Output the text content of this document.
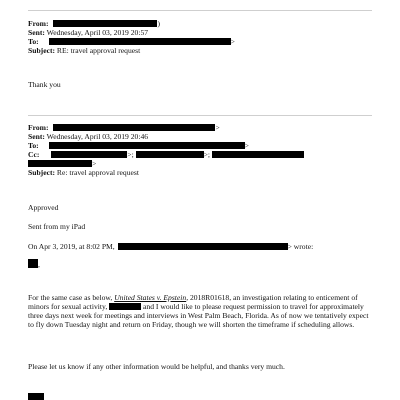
From:	)
Sent: Wednesday, April 03, 2019 20:57
To:	>
Subject: RE: travel approval request
Thank you
From:	>
Sent: Wednesday, April 03, 2019 20:46
To:	>
Cc:	>;	>;
>
Subject: Re: travel approval request
Approved
Sent from my iPad
On Apr 3, 2019, at 8:02 PM,	> wrote:
,
For the same case as below, United States v. Epstein, 2018R01618, an investigation relating to enticement of minors for sexual activity,	and I would like to please request permission to travel for approximately three days next week for meetings and interviews in West Palm Beach, Florida. As of now we tentatively expect to fly down Tuesday night and return on Friday, though we will shorten the timeframe if scheduling allows.
Please let us know if any other information would be helpful, and thanks very much.
